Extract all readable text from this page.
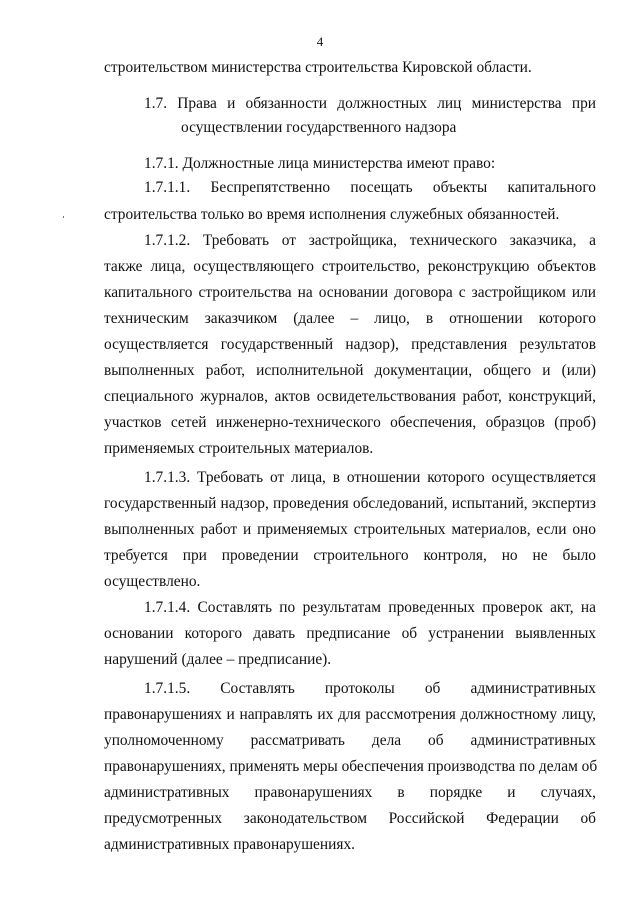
4
строительством министерства строительства Кировской области.
1.7. Права и обязанности должностных лиц министерства при
осуществлении государственного надзора
1.7.1. Должностные лица министерства имеют право:
1.7.1.1. Беспрепятственно посещать объекты капитального
строительства только во время исполнения служебных обязанностей.
1.7.1.2. Требовать от застройщика, технического заказчика, а
также лица, осуществляющего строительство, реконструкцию объектов
капитального строительства на основании договора с застройщиком или
техническим заказчиком (далее – лицо, в отношении которого
осуществляется государственный надзор), представления результатов
выполненных работ, исполнительной документации, общего и (или)
специального журналов, актов освидетельствования работ, конструкций,
участков сетей инженерно-технического обеспечения, образцов (проб)
применяемых строительных материалов.
1.7.1.3. Требовать от лица, в отношении которого осуществляется
государственный надзор, проведения обследований, испытаний, экспертиз
выполненных работ и применяемых строительных материалов, если оно
требуется при проведении строительного контроля, но не было
осуществлено.
1.7.1.4. Составлять по результатам проведенных проверок акт, на
основании которого давать предписание об устранении выявленных
нарушений (далее – предписание).
1.7.1.5. Составлять протоколы об административных
правонарушениях и направлять их для рассмотрения должностному лицу,
уполномоченному рассматривать дела об административных
правонарушениях, применять меры обеспечения производства по делам об
административных правонарушениях в порядке и случаях,
предусмотренных законодательством Российской Федерации об
административных правонарушениях.
